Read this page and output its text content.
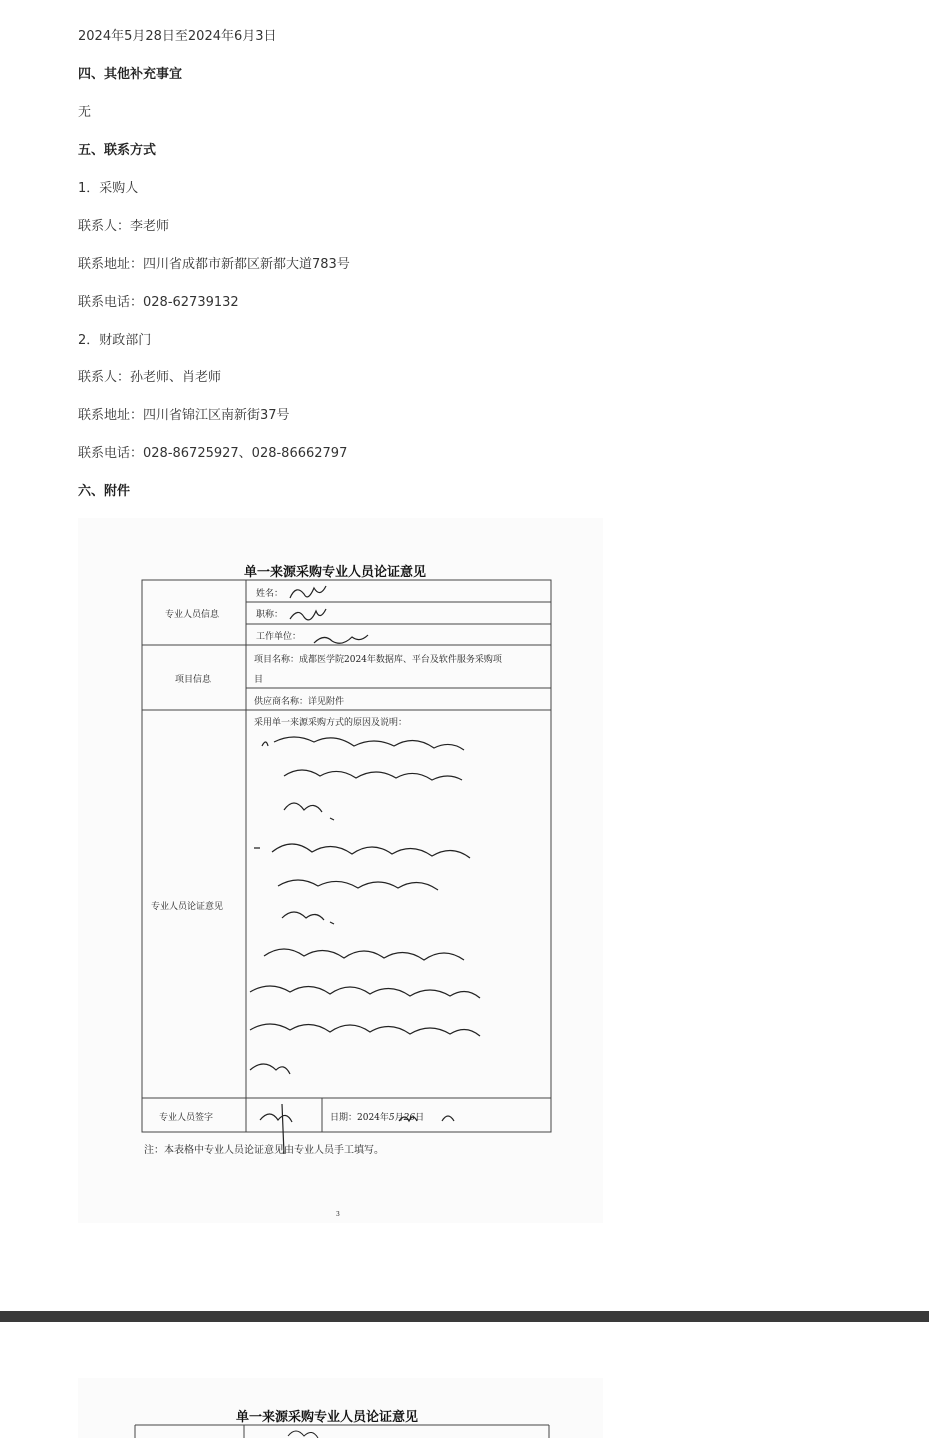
2024年5月28日至2024年6月3日
四、其他补充事宜
无
五、联系方式
1．采购人
联系人：李老师
联系地址：四川省成都市新都区新都大道783号
联系电话：028-62739132
2．财政部门
联系人：孙老师、肖老师
联系地址：四川省锦江区南新街37号
联系电话：028-86725927、028-86662797
六、附件
单一来源采购专业人员论证意见
专业人员信息
姓名：
职称：
工作单位：
项目信息
项目名称：成都医学院2024年数据库、平台及软件服务采购项
目
供应商名称：详见附件
专业人员论证意见
采用单一来源采购方式的原因及说明：
专业人员签字	日期：2024年5月26日
注：本表格中专业人员论证意见由专业人员手工填写。
3
单一来源采购专业人员论证意见
